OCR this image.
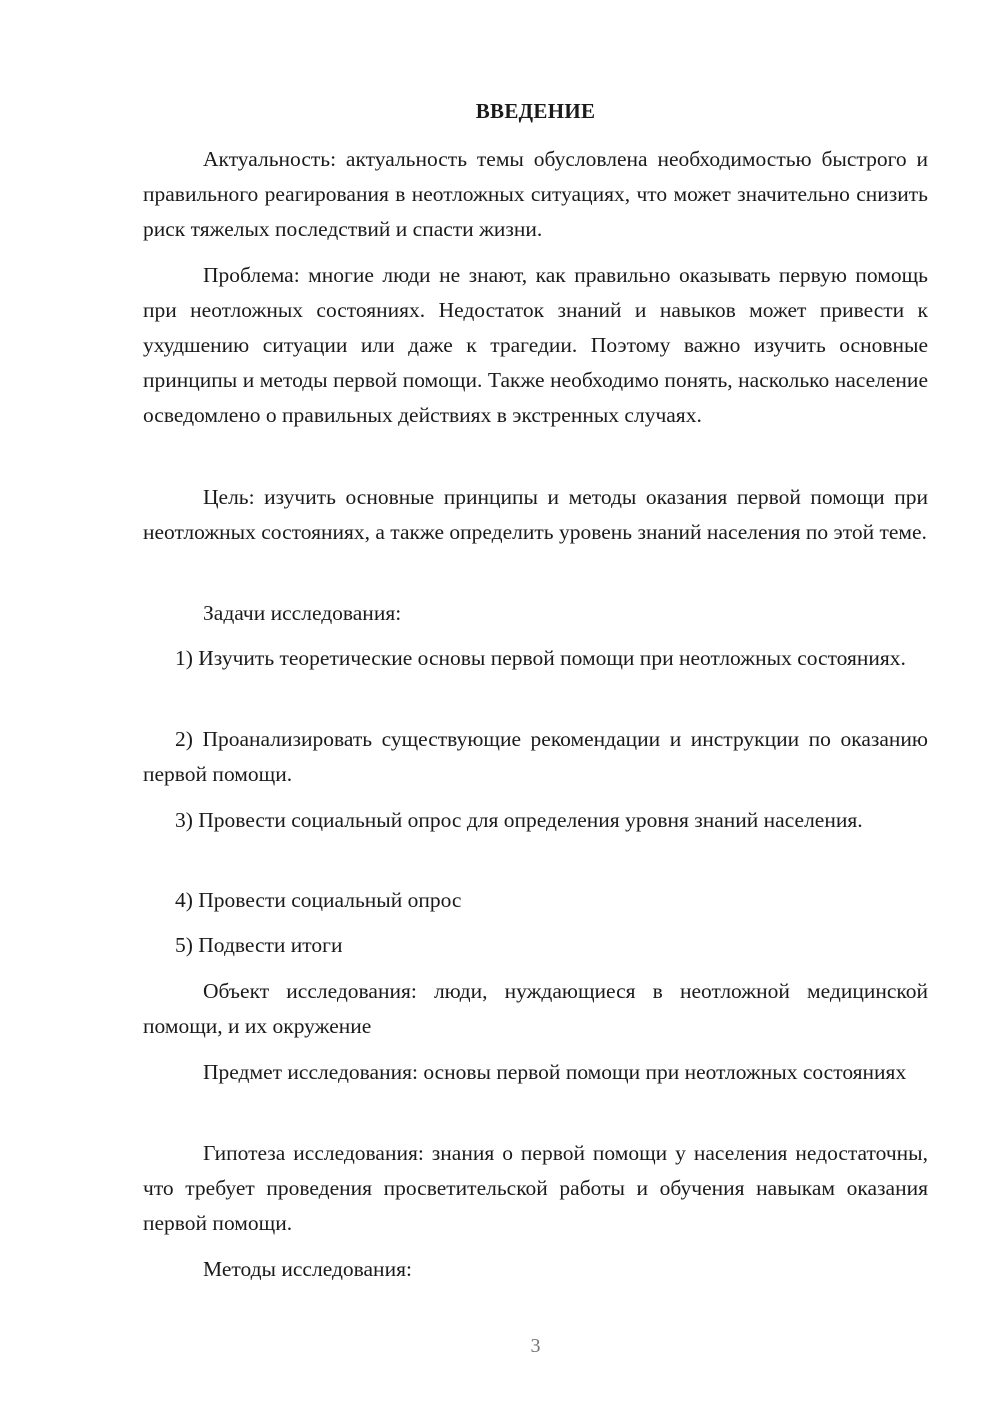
ВВЕДЕНИЕ

Актуальность: актуальность темы обусловлена необходимостью быстрого и правильного реагирования в неотложных ситуациях, что может значительно снизить риск тяжелых последствий и спасти жизни.

Проблема: многие люди не знают, как правильно оказывать первую помощь при неотложных состояниях. Недостаток знаний и навыков может привести к ухудшению ситуации или даже к трагедии. Поэтому важно изучить основные принципы и методы первой помощи. Также необходимо понять, насколько население осведомлено о правильных действиях в экстренных случаях.

Цель: изучить основные принципы и методы оказания первой помощи при неотложных состояниях, а также определить уровень знаний населения по этой теме.

Задачи исследования:

1) Изучить теоретические основы первой помощи при неотложных состояниях.

2) Проанализировать существующие рекомендации и инструкции по оказанию первой помощи.

3) Провести социальный опрос для определения уровня знаний населения.

4) Провести социальный опрос

5) Подвести итоги

Объект исследования: люди, нуждающиеся в неотложной медицинской помощи, и их окружение

Предмет исследования: основы первой помощи при неотложных состояниях

Гипотеза исследования: знания о первой помощи у населения недостаточны, что требует проведения просветительской работы и обучения навыкам оказания первой помощи.

Методы исследования:

3
